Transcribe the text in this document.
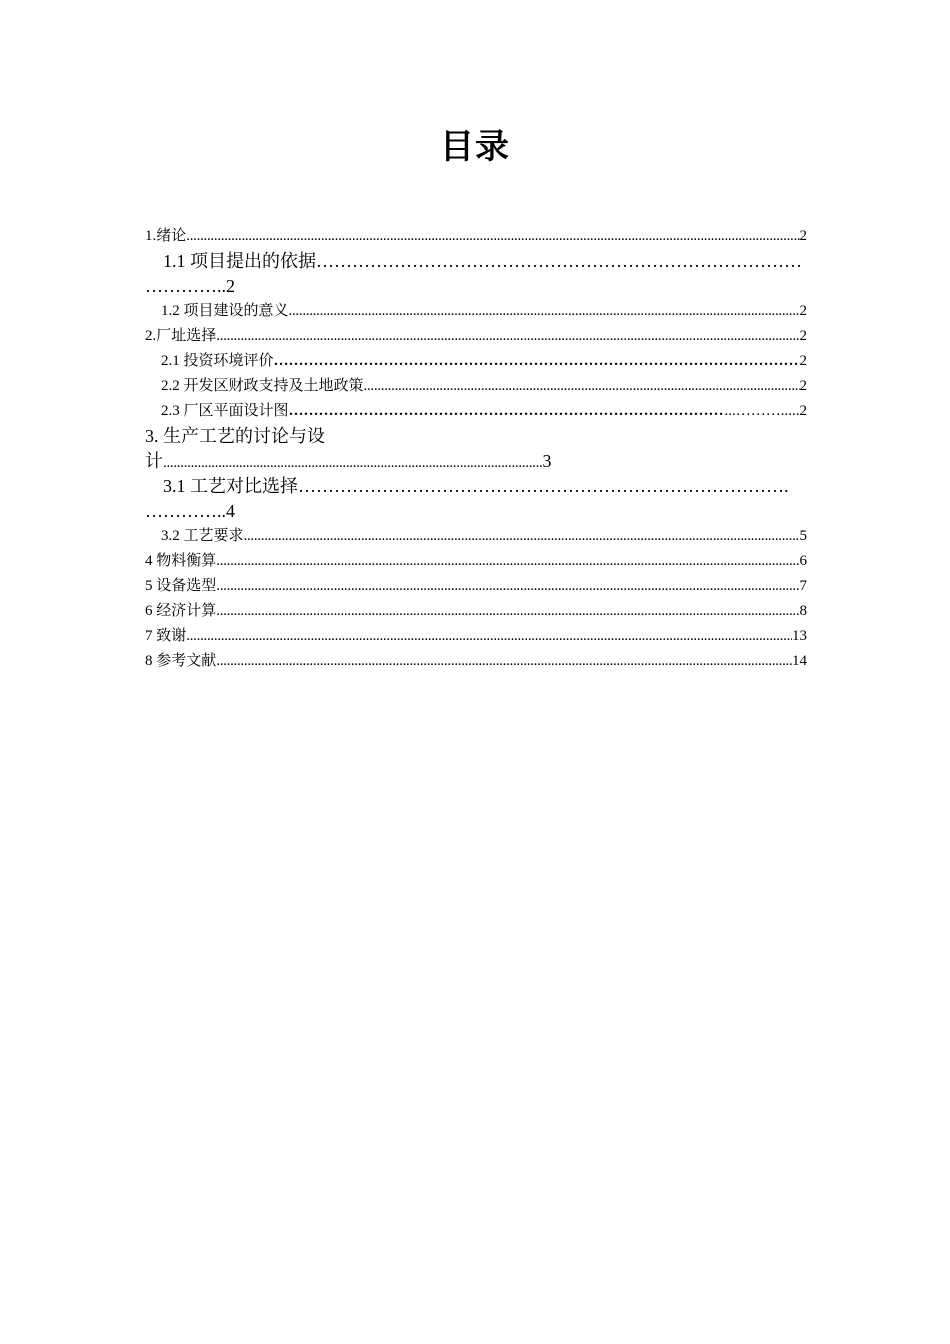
目录
1.绪论 .....	2
1.1 项目提出的依据………………………………………………………………………
…………..2
1.2 项目建设的意义 .....	2
2.厂址选择 .....	2
2.1 投资环境评价 …………………………………………………………………………………………………………………………………………………………………………………………	2
2.2 开发区财政支持及土地政策 .....	2
2.3 厂区平面设计图 …………………………………………………………………………………………………………………………………………………………………………………………	...………..... 2
3. 生产工艺的讨论与设
计..............................................................................................................3
3.1 工艺对比选择……………………………………………………………………….
…………..4
3.2 工艺要求 .....	5
4 物料衡算 .....	6
5 设备选型 .....	7
6 经济计算 .....	8
7 致谢 .....	13
8 参考文献 .....	14
